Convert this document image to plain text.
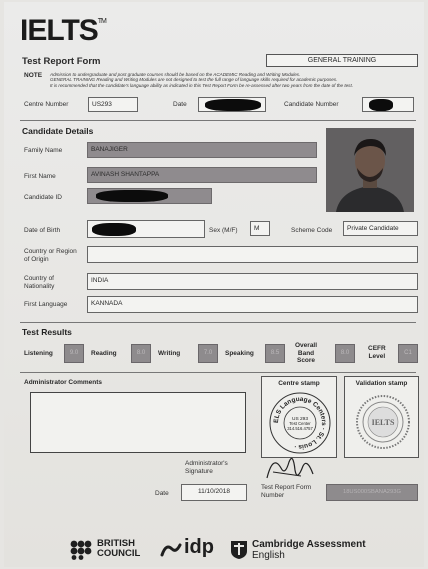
IELTS™
Test Report Form	GENERAL TRAINING
NOTE Admission to undergraduate and post graduate courses should be based on the ACADEMIC Reading and Writing Modules.
GENERAL TRAINING Reading and Writing Modules are not designed to test the full range of language skills required for academic purposes.
It is recommended that the candidate's language ability as indicated in this Test Report Form be re-assessed after two years from the date of the test.
Centre Number	US293	Date	Candidate Number
Candidate Details
Family Name	BANAJIGER
First Name	AVINASH SHANTAPPA
Candidate ID
Date of Birth	Sex (M/F)	M	Scheme Code	Private Candidate
Country or Region
of Origin
Country of
Nationality
INDIA
First Language	KANNADA
Test Results
Listening	9.0	Reading	8.0	Writing	7.0	Speaking	8.5
Overall
Band
Score
8.0
CEFR
Level	C1
Administrator Comments	Centre stamp
ELS Language Centers · St. Louis ·
US 293
Test Center
314.516.4757
Validation stamp
IELTS
Administrator's
Signature
Date	11/10/2018
Test Report Form
Number	18US000SBANA293G
BRITISH
COUNCIL idp	Cambridge Assessment
English
